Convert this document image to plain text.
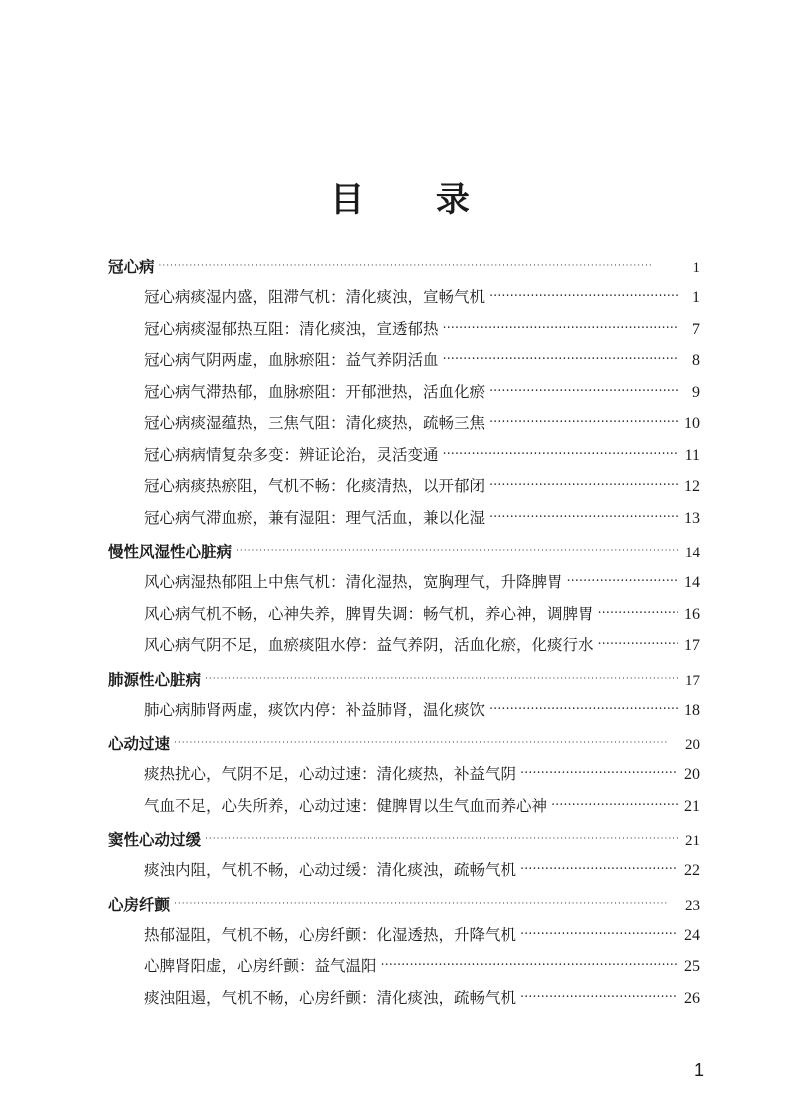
目 录
冠心病 ·····	1
冠心病痰湿内盛，阻滞气机：清化痰浊，宣畅气机 ·····	1
冠心病痰湿郁热互阻：清化痰浊，宣透郁热 ·····	7
冠心病气阴两虚，血脉瘀阻：益气养阴活血 ·····	8
冠心病气滞热郁，血脉瘀阻：开郁泄热，活血化瘀 ·····	9
冠心病痰湿蕴热，三焦气阻：清化痰热，疏畅三焦 ·····	10
冠心病病情复杂多变：辨证论治，灵活变通 ·····	11
冠心病痰热瘀阻，气机不畅：化痰清热，以开郁闭 ·····	12
冠心病气滞血瘀，兼有湿阻：理气活血，兼以化湿 ·····	13
慢性风湿性心脏病 ·····	14
风心病湿热郁阻上中焦气机：清化湿热，宽胸理气，升降脾胃 ·····	14
风心病气机不畅，心神失养，脾胃失调：畅气机，养心神，调脾胃 ·····	16
风心病气阴不足，血瘀痰阻水停：益气养阴，活血化瘀，化痰行水 ·····	17
肺源性心脏病 ·····	17
肺心病肺肾两虚，痰饮内停：补益肺肾，温化痰饮 ·····	18
心动过速 ·····	20
痰热扰心，气阴不足，心动过速：清化痰热，补益气阴 ·····	20
气血不足，心失所养，心动过速：健脾胃以生气血而养心神 ·····	21
窦性心动过缓 ·····	21
痰浊内阻，气机不畅，心动过缓：清化痰浊，疏畅气机 ·····	22
心房纤颤 ·····	23
热郁湿阻，气机不畅，心房纤颤：化湿透热，升降气机 ·····	24
心脾肾阳虚，心房纤颤：益气温阳 ·····	25
痰浊阻遏，气机不畅，心房纤颤：清化痰浊，疏畅气机 ·····	26
1
